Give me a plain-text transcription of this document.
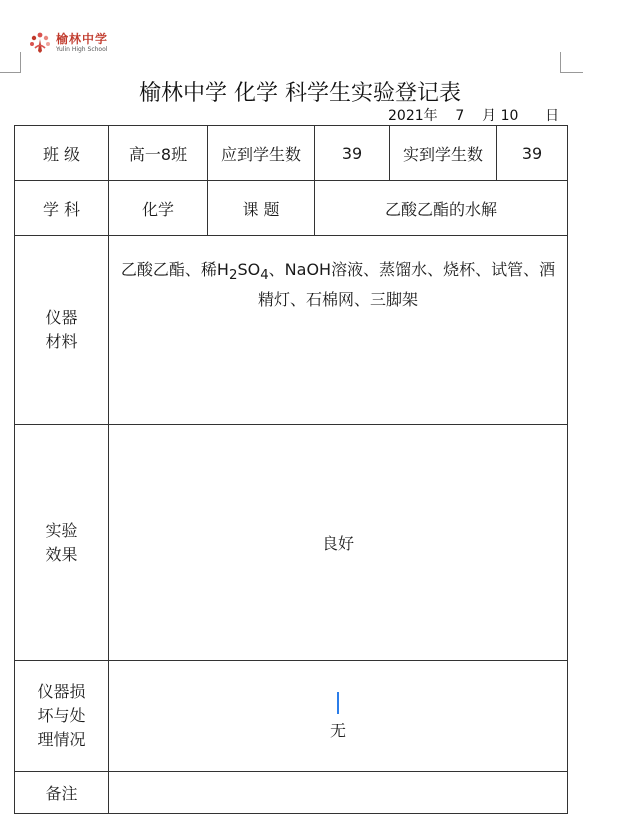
榆林中学
Yulin High School
榆林中学 化学 科学生实验登记表
2021年    7    月 10      日
班 级	高一8班	应到学生数	39	实到学生数	39
学 科	化学	课 题	乙酸乙酯的水解		

仪器
材料	乙酸乙酯、稀$H_2SO_4$、NaOH溶液、蒸馏水、烧杯、试管、酒精灯、石棉网、三脚架				

实验
效果	良好				

仪器损
坏与处
理情况	无				
备注					
